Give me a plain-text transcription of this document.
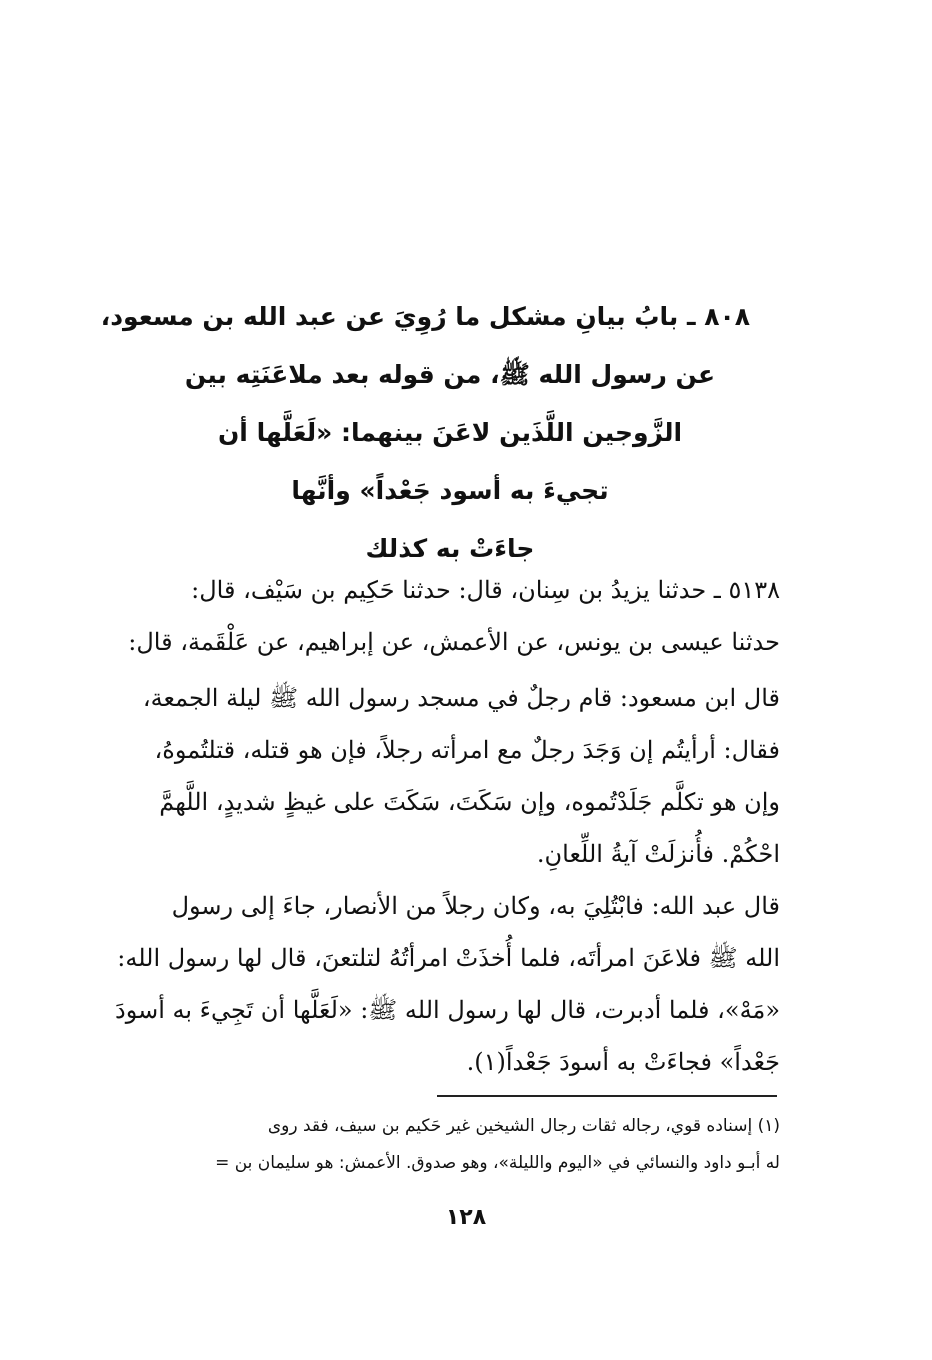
٨٠٨ ـ بابُ بيانِ مشكل ما رُوِيَ عن عبد الله بن مسعود،
عن رسول الله ﷺ، من قوله بعد ملاعَنَتِه بين
الزَّوجين اللَّذَين لاعَنَ بينهما: «لَعَلَّها أن
تجيءَ به أسود جَعْداً» وأنَّها
جاءَتْ به كذلك
٥١٣٨ ـ حدثنا يزيدُ بن سِنان، قال: حدثنا حَكِيم بن سَيْف، قال:
حدثنا عيسى بن يونس، عن الأعمش، عن إبراهيم، عن عَلْقَمة، قال:
قال ابن مسعود: قام رجلٌ في مسجد رسول الله ﷺ ليلة الجمعة،
فقال: أرأيتُم إن وَجَدَ رجلٌ مع امرأته رجلاً، فإن هو قتله، قتلتُموهُ،
وإن هو تكلَّم جَلَدْتُموه، وإن سَكَتَ، سَكَتَ على غيظٍ شديدٍ، اللَّهمَّ
احْكُمْ. فأُنزلَتْ آيةُ اللِّعانِ.
قال عبد الله: فابْتُلِيَ به، وكان رجلاً من الأنصار، جاءَ إلى رسول
الله ﷺ فلاعَنَ امرأتَه، فلما أُخذَتْ امرأتُهُ لتلتعنَ، قال لها رسول الله:
«مَهْ»، فلما أدبرت، قال لها رسول الله ﷺ: «لَعَلَّها أن تَجِيءَ به أسودَ
جَعْداً» فجاءَتْ به أسودَ جَعْداً(١).
(١) إسناده قوي، رجاله ثقات رجال الشيخين غير حَكيم بن سيف، فقد روى
له أبـو داود والنسائي في «اليوم والليلة»، وهو صدوق. الأعمش: هو سليمان بن =
١٢٨
